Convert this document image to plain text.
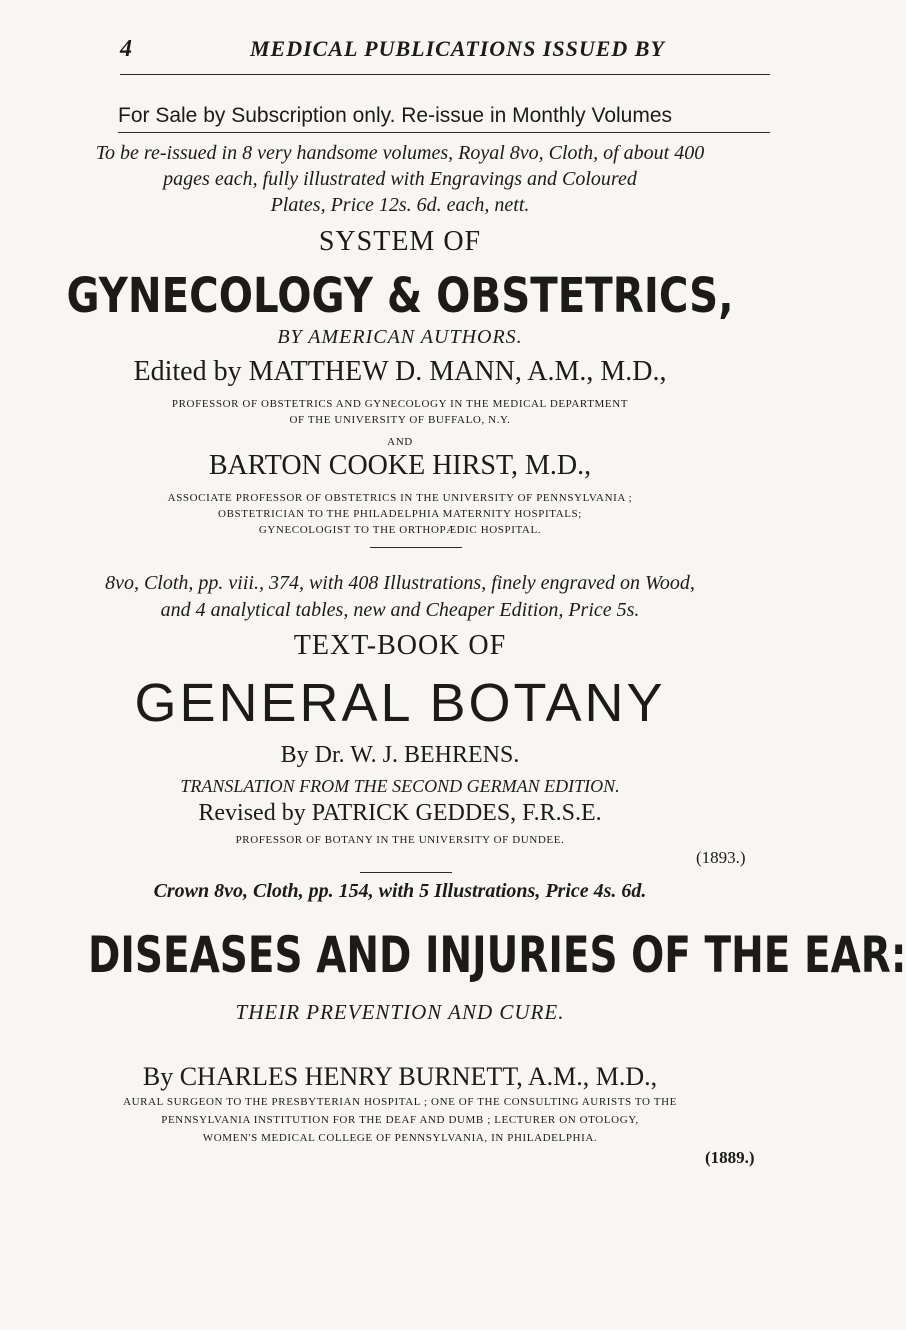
4	MEDICAL PUBLICATIONS ISSUED BY
For Sale by Subscription only. Re-issue in Monthly Volumes
To be re-issued in 8 very handsome volumes, Royal 8vo, Cloth, of about 400
pages each, fully illustrated with Engravings and Coloured
Plates, Price 12s. 6d. each, nett.
SYSTEM OF
GYNECOLOGY & OBSTETRICS,
BY AMERICAN AUTHORS.
Edited by MATTHEW D. MANN, A.M., M.D.,
PROFESSOR OF OBSTETRICS AND GYNECOLOGY IN THE MEDICAL DEPARTMENT
OF THE UNIVERSITY OF BUFFALO, N.Y.
AND
BARTON COOKE HIRST, M.D.,
ASSOCIATE PROFESSOR OF OBSTETRICS IN THE UNIVERSITY OF PENNSYLVANIA ;
OBSTETRICIAN TO THE PHILADELPHIA MATERNITY HOSPITALS;
GYNECOLOGIST TO THE ORTHOPÆDIC HOSPITAL.
8vo, Cloth, pp. viii., 374, with 408 Illustrations, finely engraved on Wood,
and 4 analytical tables, new and Cheaper Edition, Price 5s.
TEXT-BOOK OF
GENERAL BOTANY
By Dr. W. J. BEHRENS.
TRANSLATION FROM THE SECOND GERMAN EDITION.
Revised by PATRICK GEDDES, F.R.S.E.
PROFESSOR OF BOTANY IN THE UNIVERSITY OF DUNDEE.
(1893.)
Crown 8vo, Cloth, pp. 154, with 5 Illustrations, Price 4s. 6d.
DISEASES AND INJURIES OF THE EAR:
THEIR PREVENTION AND CURE.
By CHARLES HENRY BURNETT, A.M., M.D.,
AURAL SURGEON TO THE PRESBYTERIAN HOSPITAL ; ONE OF THE CONSULTING AURISTS TO THE
PENNSYLVANIA INSTITUTION FOR THE DEAF AND DUMB ; LECTURER ON OTOLOGY,
WOMEN'S MEDICAL COLLEGE OF PENNSYLVANIA, IN PHILADELPHIA.
(1889.)
